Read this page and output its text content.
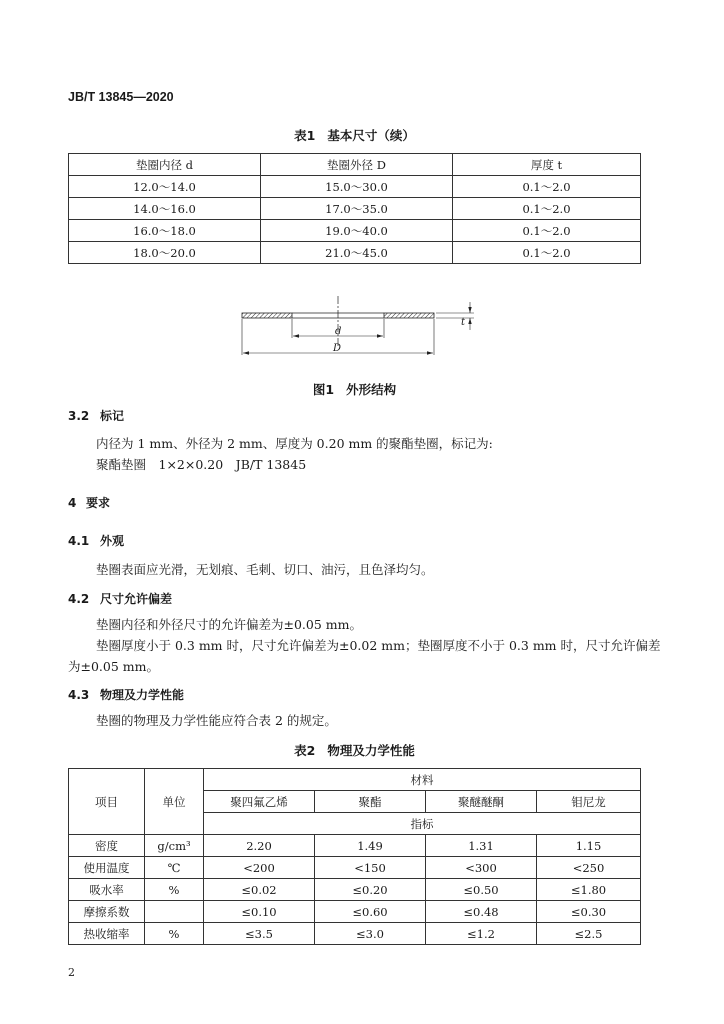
JB/T 13845—2020
表1 基本尺寸（续）
垫圈内径 d	垫圈外径 D	厚度 t
12.0～14.0	15.0～30.0	0.1～2.0
14.0～16.0	17.0～35.0	0.1～2.0
16.0～18.0	19.0～40.0	0.1～2.0
18.0～20.0	21.0～45.0	0.1～2.0
d
D
t
图1 外形结构
3.2 标记
内径为 1 mm、外径为 2 mm、厚度为 0.20 mm 的聚酯垫圈，标记为:
聚酯垫圈　1×2×0.20　JB/T 13845
4 要求
4.1 外观
垫圈表面应光滑，无划痕、毛刺、切口、油污，且色泽均匀。
4.2 尺寸允许偏差
垫圈内径和外径尺寸的允许偏差为±0.05 mm。
垫圈厚度小于 0.3 mm 时，尺寸允许偏差为±0.02 mm；垫圈厚度不小于 0.3 mm 时，尺寸允许偏差
为±0.05 mm。
4.3 物理及力学性能
垫圈的物理及力学性能应符合表 2 的规定。
表2 物理及力学性能
项目	单位	材料			
		聚四氟乙烯	聚酯	聚醚醚酮	钼尼龙
		指标			
密度	g/cm³	2.20	1.49	1.31	1.15
使用温度	℃	<200	<150	<300	<250
吸水率	%	≤0.02	≤0.20	≤0.50	≤1.80
摩擦系数		≤0.10	≤0.60	≤0.48	≤0.30
热收缩率	%	≤3.5	≤3.0	≤1.2	≤2.5
2
